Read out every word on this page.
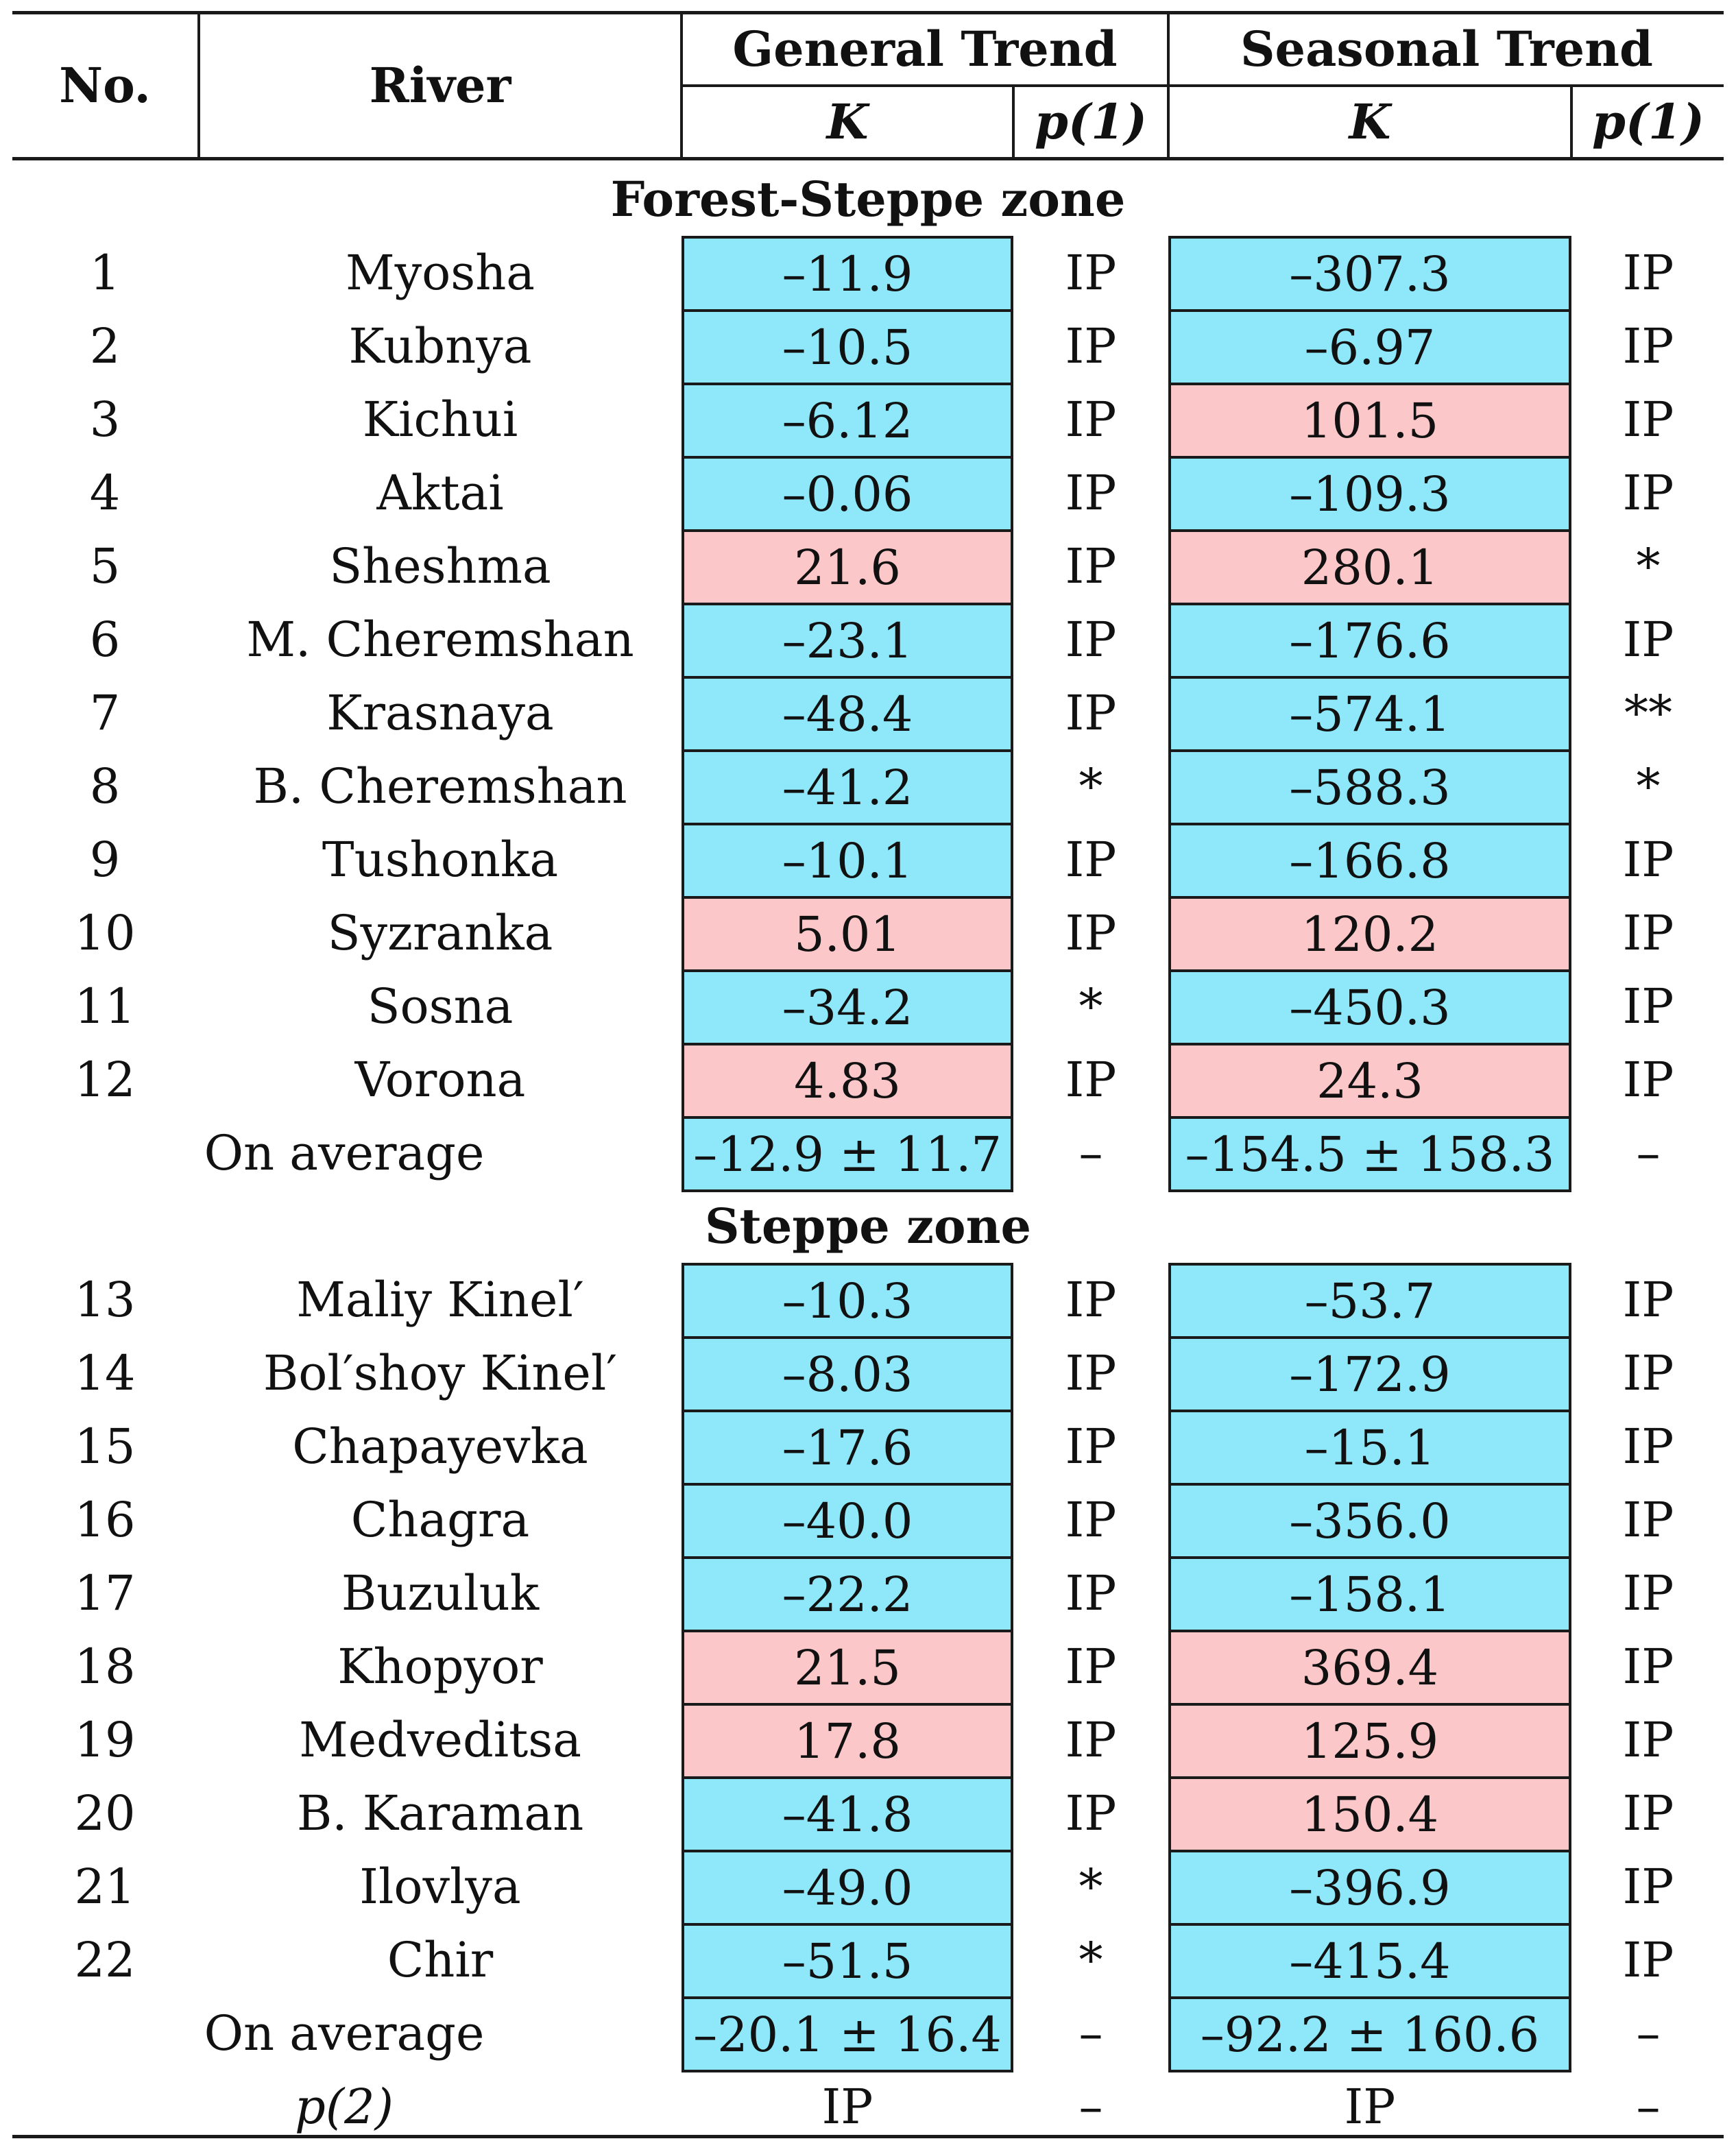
No.	River
General Trend	Seasonal Trend
K	p(1)	K	p(1)
Forest-Steppe zone
1	Myosha	–11.9	IP	–307.3	IP
2	Kubnya	–10.5	IP	–6.97	IP
3	Kichui	–6.12	IP	101.5	IP
4	Aktai	–0.06	IP	–109.3	IP
5	Sheshma	21.6	IP	280.1	*
6	M. Cheremshan	–23.1	IP	–176.6	IP
7	Krasnaya	–48.4	IP	–574.1	**
8	B. Cheremshan	–41.2	*	–588.3	*
9	Tushonka	–10.1	IP	–166.8	IP
10	Syzranka	5.01	IP	120.2	IP
11	Sosna	–34.2	*	–450.3	IP
12	Vorona	4.83	IP	24.3	IP
On average	–12.9 ± 11.7	–	–154.5 ± 158.3	–
Steppe zone
13	Maliy Kinel′	–10.3	IP	–53.7	IP
14	Bol′shoy Kinel′	–8.03	IP	–172.9	IP
15	Chapayevka	–17.6	IP	–15.1	IP
16	Chagra	–40.0	IP	–356.0	IP
17	Buzuluk	–22.2	IP	–158.1	IP
18	Khopyor	21.5	IP	369.4	IP
19	Medveditsa	17.8	IP	125.9	IP
20	B. Karaman	–41.8	IP	150.4	IP
21	Ilovlya	–49.0	*	–396.9	IP
22	Chir	–51.5	*	–415.4	IP
On average	–20.1 ± 16.4	–	–92.2 ± 160.6	–
p(2)	IP	–	IP	–
